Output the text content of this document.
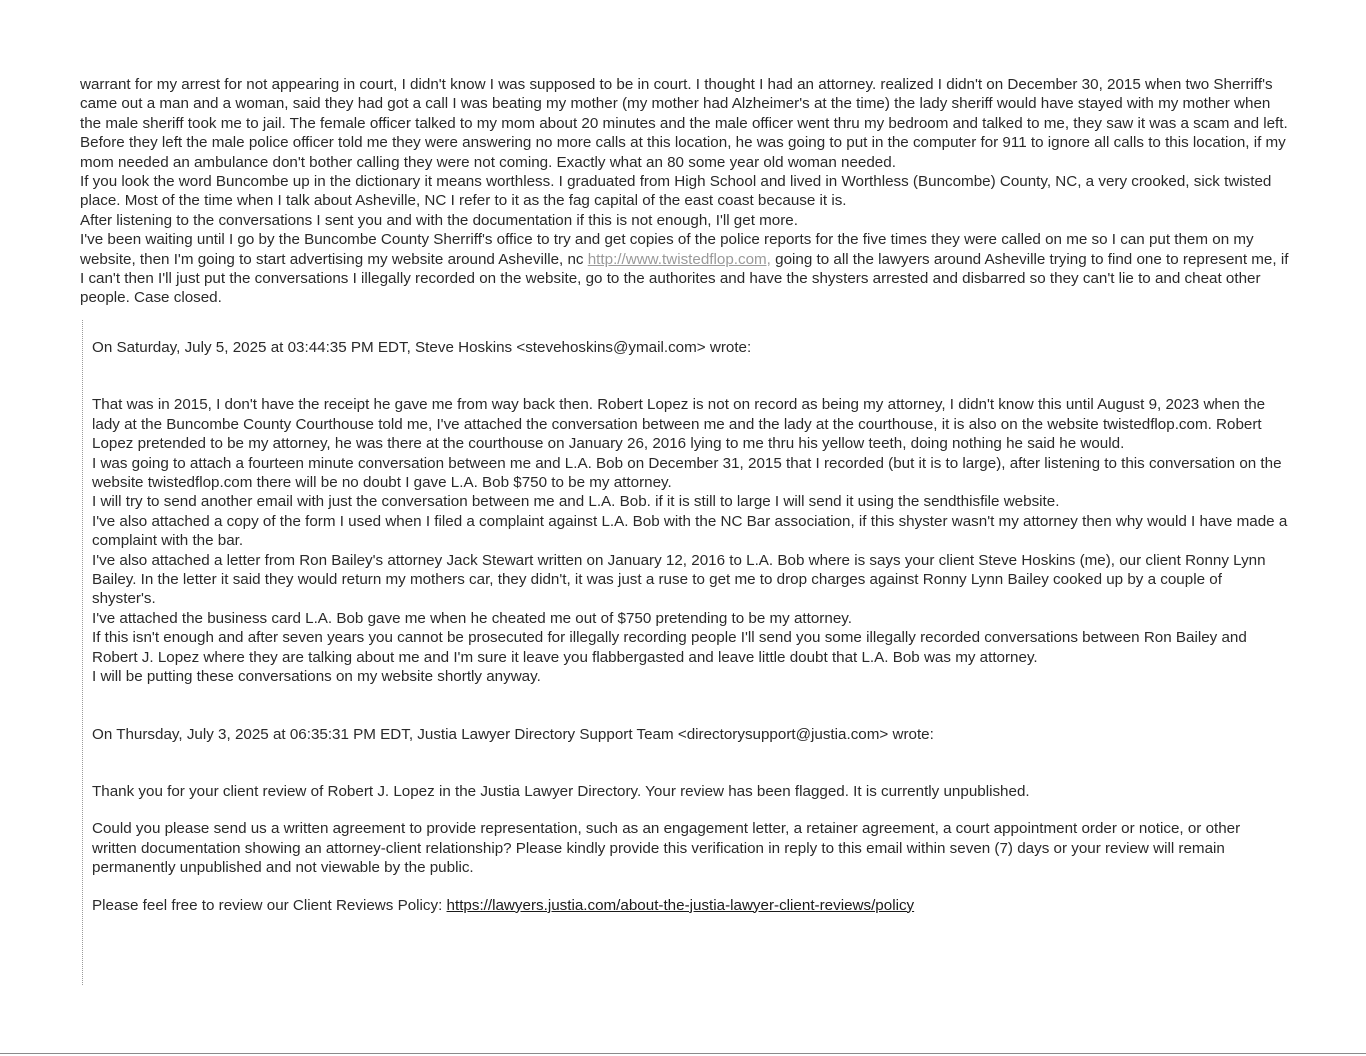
warrant for my arrest for not appearing in court, I didn't know I was supposed to be in court. I thought I had an attorney. realized I didn't on December 30, 2015 when two Sherriff's came out a man and a woman, said they had got a call I was beating my mother (my mother had Alzheimer's at the time) the lady sheriff would have stayed with my mother when the male sheriff took me to jail. The female officer talked to my mom about 20 minutes and the male officer went thru my bedroom and talked to me, they saw it was a scam and left.

Before they left the male police officer told me they were answering no more calls at this location, he was going to put in the computer for 911 to ignore all calls to this location, if my mom needed an ambulance don't bother calling they were not coming. Exactly what an 80 some year old woman needed.

If you look the word Buncombe up in the dictionary it means worthless. I graduated from High School and lived in Worthless (Buncombe) County, NC, a very crooked, sick twisted place. Most of the time when I talk about Asheville, NC I refer to it as the fag capital of the east coast because it is.

After listening to the conversations I sent you and with the documentation if this is not enough, I'll get more.

I've been waiting until I go by the Buncombe County Sherriff's office to try and get copies of the police reports for the five times they were called on me so I can put them on my website, then I'm going to start advertising my website around Asheville, nc http://www.twistedflop.com, going to all the lawyers around Asheville trying to find one to represent me, if I can't then I'll just put the conversations I illegally recorded on the website, go to the authorites and have the shysters arrested and disbarred so they can't lie to and cheat other people. Case closed.

On Saturday, July 5, 2025 at 03:44:35 PM EDT, Steve Hoskins <stevehoskins@ymail.com> wrote:

That was in 2015, I don't have the receipt he gave me from way back then. Robert Lopez is not on record as being my attorney, I didn't know this until August 9, 2023 when the lady at the Buncombe County Courthouse told me, I've attached the conversation between me and the lady at the courthouse, it is also on the website twistedflop.com. Robert Lopez pretended to be my attorney, he was there at the courthouse on January 26, 2016 lying to me thru his yellow teeth, doing nothing he said he would.

I was going to attach a fourteen minute conversation between me and L.A. Bob on December 31, 2015 that I recorded (but it is to large), after listening to this conversation on the website twistedflop.com there will be no doubt I gave L.A. Bob $750 to be my attorney.

I will try to send another email with just the conversation between me and L.A. Bob. if it is still to large I will send it using the sendthisfile website.

I've also attached a copy of the form I used when I filed a complaint against L.A. Bob with the NC Bar association, if this shyster wasn't my attorney then why would I have made a complaint with the bar.

I've also attached a letter from Ron Bailey's attorney Jack Stewart written on January 12, 2016 to L.A. Bob where is says your client Steve Hoskins (me), our client Ronny Lynn Bailey. In the letter it said they would return my mothers car, they didn't, it was just a ruse to get me to drop charges against Ronny Lynn Bailey cooked up by a couple of shyster's.

I've attached the business card L.A. Bob gave me when he cheated me out of $750 pretending to be my attorney.

If this isn't enough and after seven years you cannot be prosecuted for illegally recording people I'll send you some illegally recorded conversations between Ron Bailey and Robert J. Lopez where they are talking about me and I'm sure it leave you flabbergasted and leave little doubt that L.A. Bob was my attorney.

I will be putting these conversations on my website shortly anyway.

On Thursday, July 3, 2025 at 06:35:31 PM EDT, Justia Lawyer Directory Support Team <directorysupport@justia.com> wrote:

Thank you for your client review of Robert J. Lopez in the Justia Lawyer Directory. Your review has been flagged. It is currently unpublished.

Could you please send us a written agreement to provide representation, such as an engagement letter, a retainer agreement, a court appointment order or notice, or other written documentation showing an attorney-client relationship? Please kindly provide this verification in reply to this email within seven (7) days or your review will remain permanently unpublished and not viewable by the public.

Please feel free to review our Client Reviews Policy: https://lawyers.justia.com/about-the-justia-lawyer-client-reviews/policy
